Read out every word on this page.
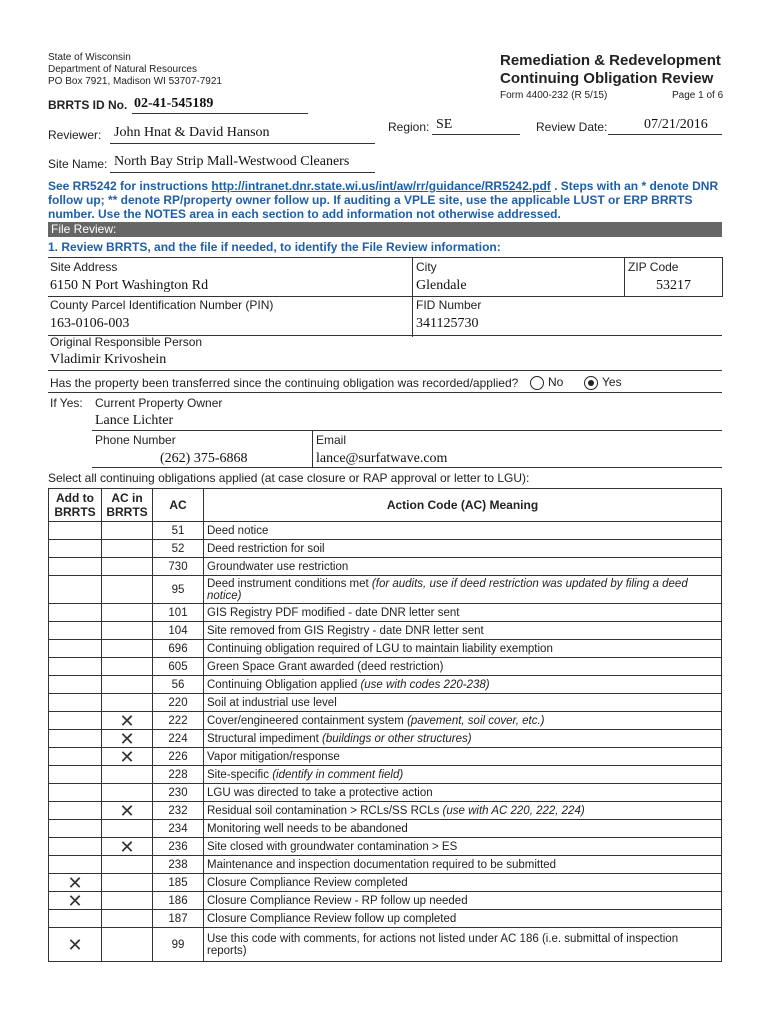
State of Wisconsin
Department of Natural Resources
PO Box 7921, Madison WI 53707-7921
Remediation & Redevelopment
Continuing Obligation Review
Form 4400-232 (R 5/15)	Page 1 of 6
BRRTS ID No. 02-41-545189
Reviewer: John Hnat & David Hanson	Region: SE	Review Date:	07/21/2016
Site Name: North Bay Strip Mall-Westwood Cleaners
See RR5242 for instructions http://intranet.dnr.state.wi.us/int/aw/rr/guidance/RR5242.pdf . Steps with an * denote DNR follow up; ** denote RP/property owner follow up. If auditing a VPLE site, use the applicable LUST or ERP BRRTS number. Use the NOTES area in each section to add information not otherwise addressed.
File Review:
1. Review BRRTS, and the file if needed, to identify the File Review information:
Site Address
6150 N Port Washington Rd
City
Glendale
ZIP Code
53217
County Parcel Identification Number (PIN)
163-0106-003
FID Number
341125730
Original Responsible Person
Vladimir Krivoshein
Has the property been transferred since the continuing obligation was recorded/applied?	No	Yes
If Yes: Current Property Owner
Lance Lichter
Phone Number
(262) 375-6868
Email
lance@surfatwave.com
Select all continuing obligations applied (at case closure or RAP approval or letter to LGU):
Add to BRRTS	AC in BRRTS	AC	Action Code (AC) Meaning
		51	Deed notice
		52	Deed restriction for soil
		730	Groundwater use restriction
		95	Deed instrument conditions met (for audits, use if deed restriction was updated by filing a deed notice)
		101	GIS Registry PDF modified - date DNR letter sent
		104	Site removed from GIS Registry - date DNR letter sent
		696	Continuing obligation required of LGU to maintain liability exemption
		605	Green Space Grant awarded (deed restriction)
		56	Continuing Obligation applied (use with codes 220-238)
		220	Soil at industrial use level
	✕	222	Cover/engineered containment system (pavement, soil cover, etc.)
	✕	224	Structural impediment (buildings or other structures)
	✕	226	Vapor mitigation/response
		228	Site-specific (identify in comment field)
		230	LGU was directed to take a protective action
	✕	232	Residual soil contamination > RCLs/SS RCLs (use with AC 220, 222, 224)
		234	Monitoring well needs to be abandoned
	✕	236	Site closed with groundwater contamination > ES
		238	Maintenance and inspection documentation required to be submitted
✕		185	Closure Compliance Review completed
✕		186	Closure Compliance Review - RP follow up needed
		187	Closure Compliance Review follow up completed
✕		99	Use this code with comments, for actions not listed under AC 186 (i.e. submittal of inspection reports)
